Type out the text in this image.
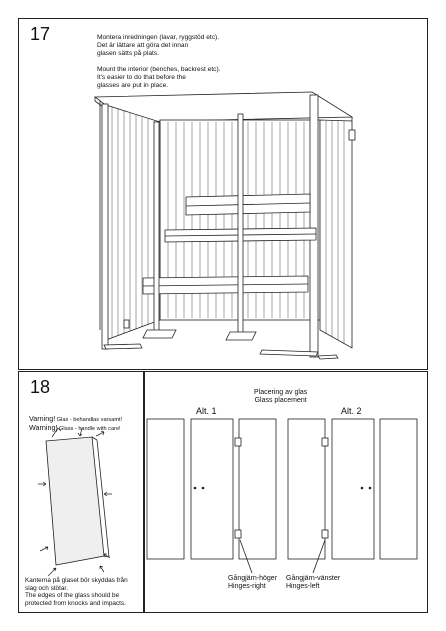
17	Montera inredningen (lavar, ryggstöd etc).
Det är lättare att göra det innan
glasen sätts på plats.
Mount the interior (benches, backrest etc).
It's easier to do that before the
glasses are put in place.
18

Varning! Glas - behandlas varsamt!

Warning! Glass - handle with care!

Kanterna på glaset bör skyddas från
slag och stötar.
The edges of the glass should be
protected from knocks and impacts.
Placering av glas
Glass placement
Alt. 1	Alt. 2
Gångjärn-höger
Hinges-right
Gångjärn-vänster
Hinges-left
